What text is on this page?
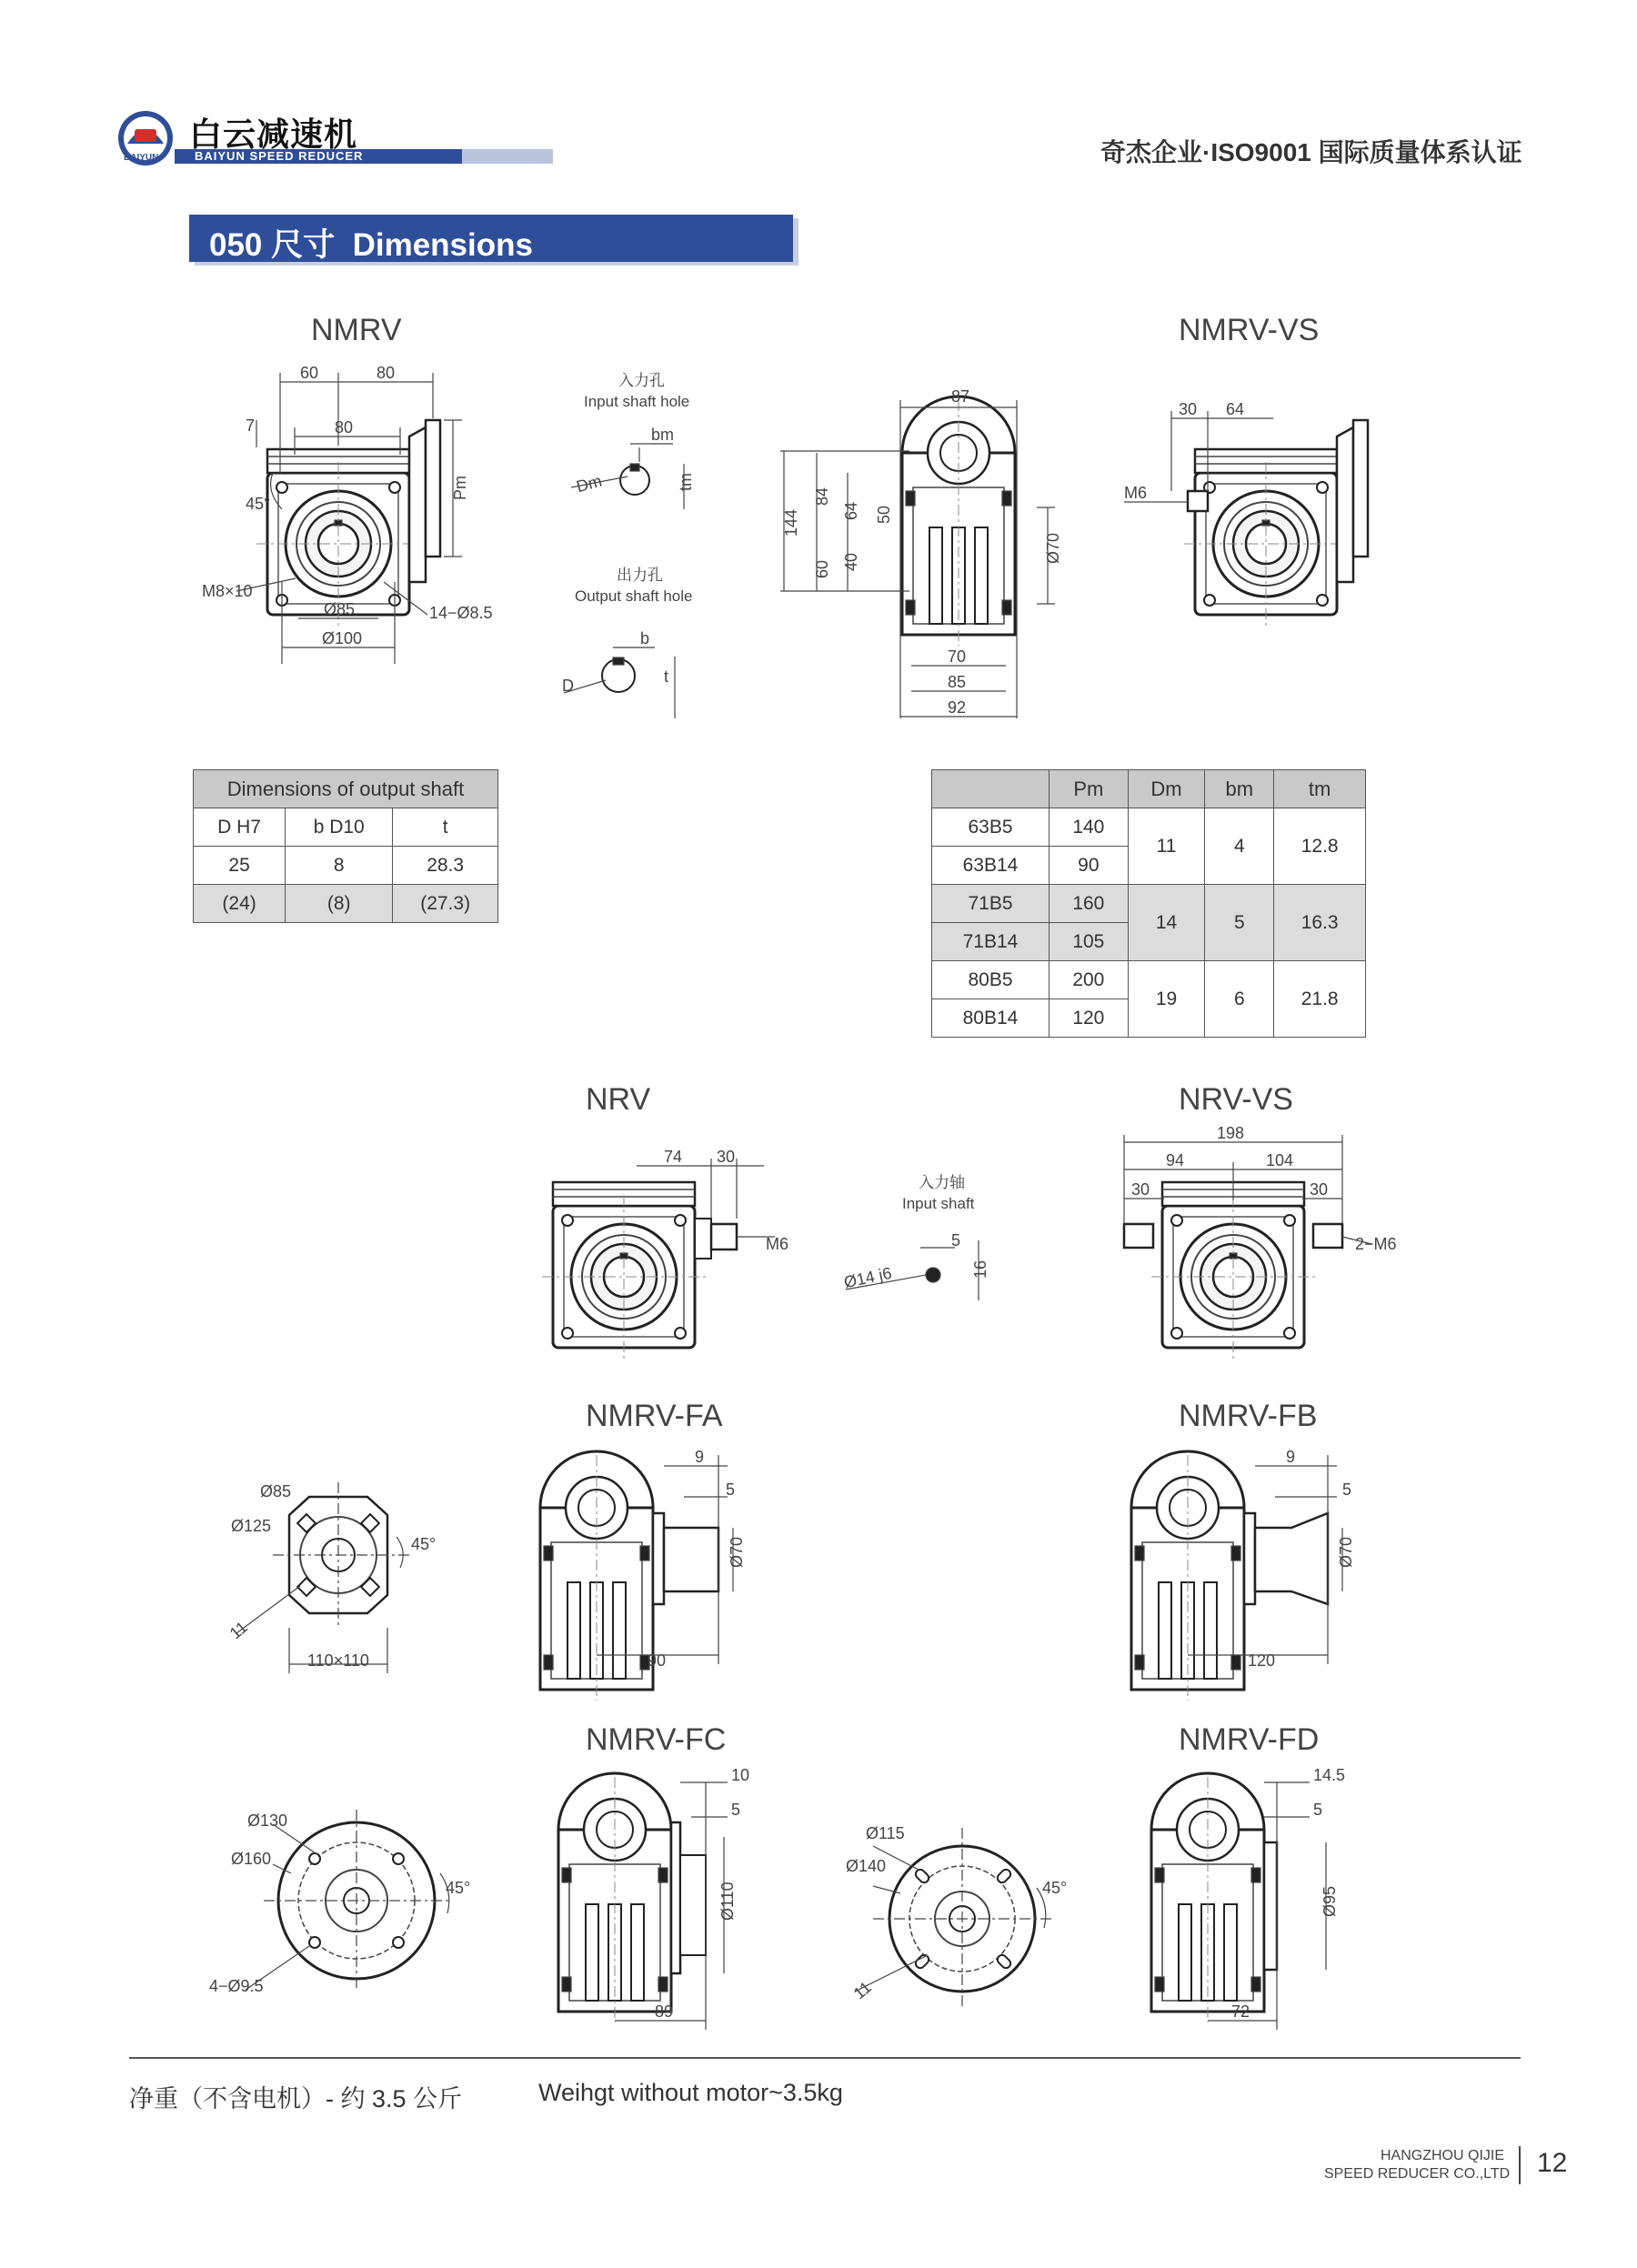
BAIYUN
白云减速机
BAIYUN SPEED REDUCER	奇杰企业·ISO9001 国际质量体系认证
050 尺寸  Dimensions
NMRV	NMRV-VS
NRV	NRV-VS
NMRV-FA	NMRV-FB
NMRV-FC	NMRV-FD
60	80
80
7
Pm
45°
M8×10
14−Ø8.5
Ø85
Ø100
Dm
bm
tm
D
b
t
87
144
84
64
60
50
40	Ø70
70
85
92
30 64
M6
74 30
M6
Ø14 j6
5
16
198
94	104
30	30
2−M6
Ø85
Ø125
45°
110×110
11
9
5
Ø70
90
9
5
Ø70
120
Ø130
Ø160
45°
4−Ø9.5
10
5
Ø110
89
Ø115
Ø140
45°
11
14.5
5
Ø95
72
入力孔
Input shaft hole
出力孔
Output shaft hole
入力轴
Input shaft
Dimensions of output shaft		
D H7	b D10	t
25	8	28.3
(24)	(8)	(27.3)
	Pm	Dm	bm	tm
63B5	140	11	4	12.8
63B14	90			
71B5	160	14	5	16.3
71B14	105			
80B5	200	19	6	21.8
80B14	120			
净重（不含电机）- 约 3.5 公斤	Weihgt without motor~3.5kg
HANGZHOU QIJIE
SPEED REDUCER CO.,LTD 12
